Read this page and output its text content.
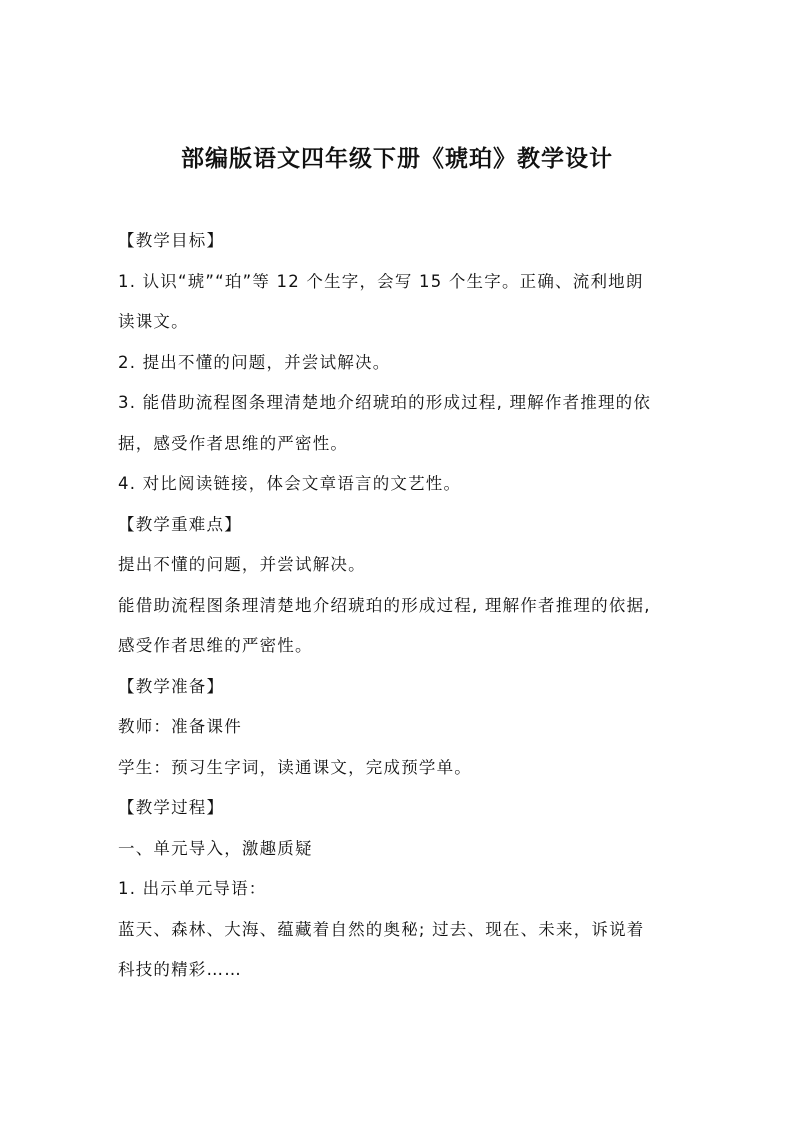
部编版语文四年级下册《琥珀》教学设计
【教学目标】
1. 认识“琥”“珀”等 12 个生字，会写 15 个生字。正确、流利地朗
读课文。
2. 提出不懂的问题，并尝试解决。
3. 能借助流程图条理清楚地介绍琥珀的形成过程, 理解作者推理的依
据，感受作者思维的严密性。
4. 对比阅读链接，体会文章语言的文艺性。
【教学重难点】
提出不懂的问题，并尝试解决。
能借助流程图条理清楚地介绍琥珀的形成过程, 理解作者推理的依据,
感受作者思维的严密性。
【教学准备】
教师：准备课件
学生：预习生字词，读通课文，完成预学单。
【教学过程】
一、单元导入，激趣质疑
1. 出示单元导语：
蓝天、森林、大海、蕴藏着自然的奥秘; 过去、现在、未来，诉说着
科技的精彩……
